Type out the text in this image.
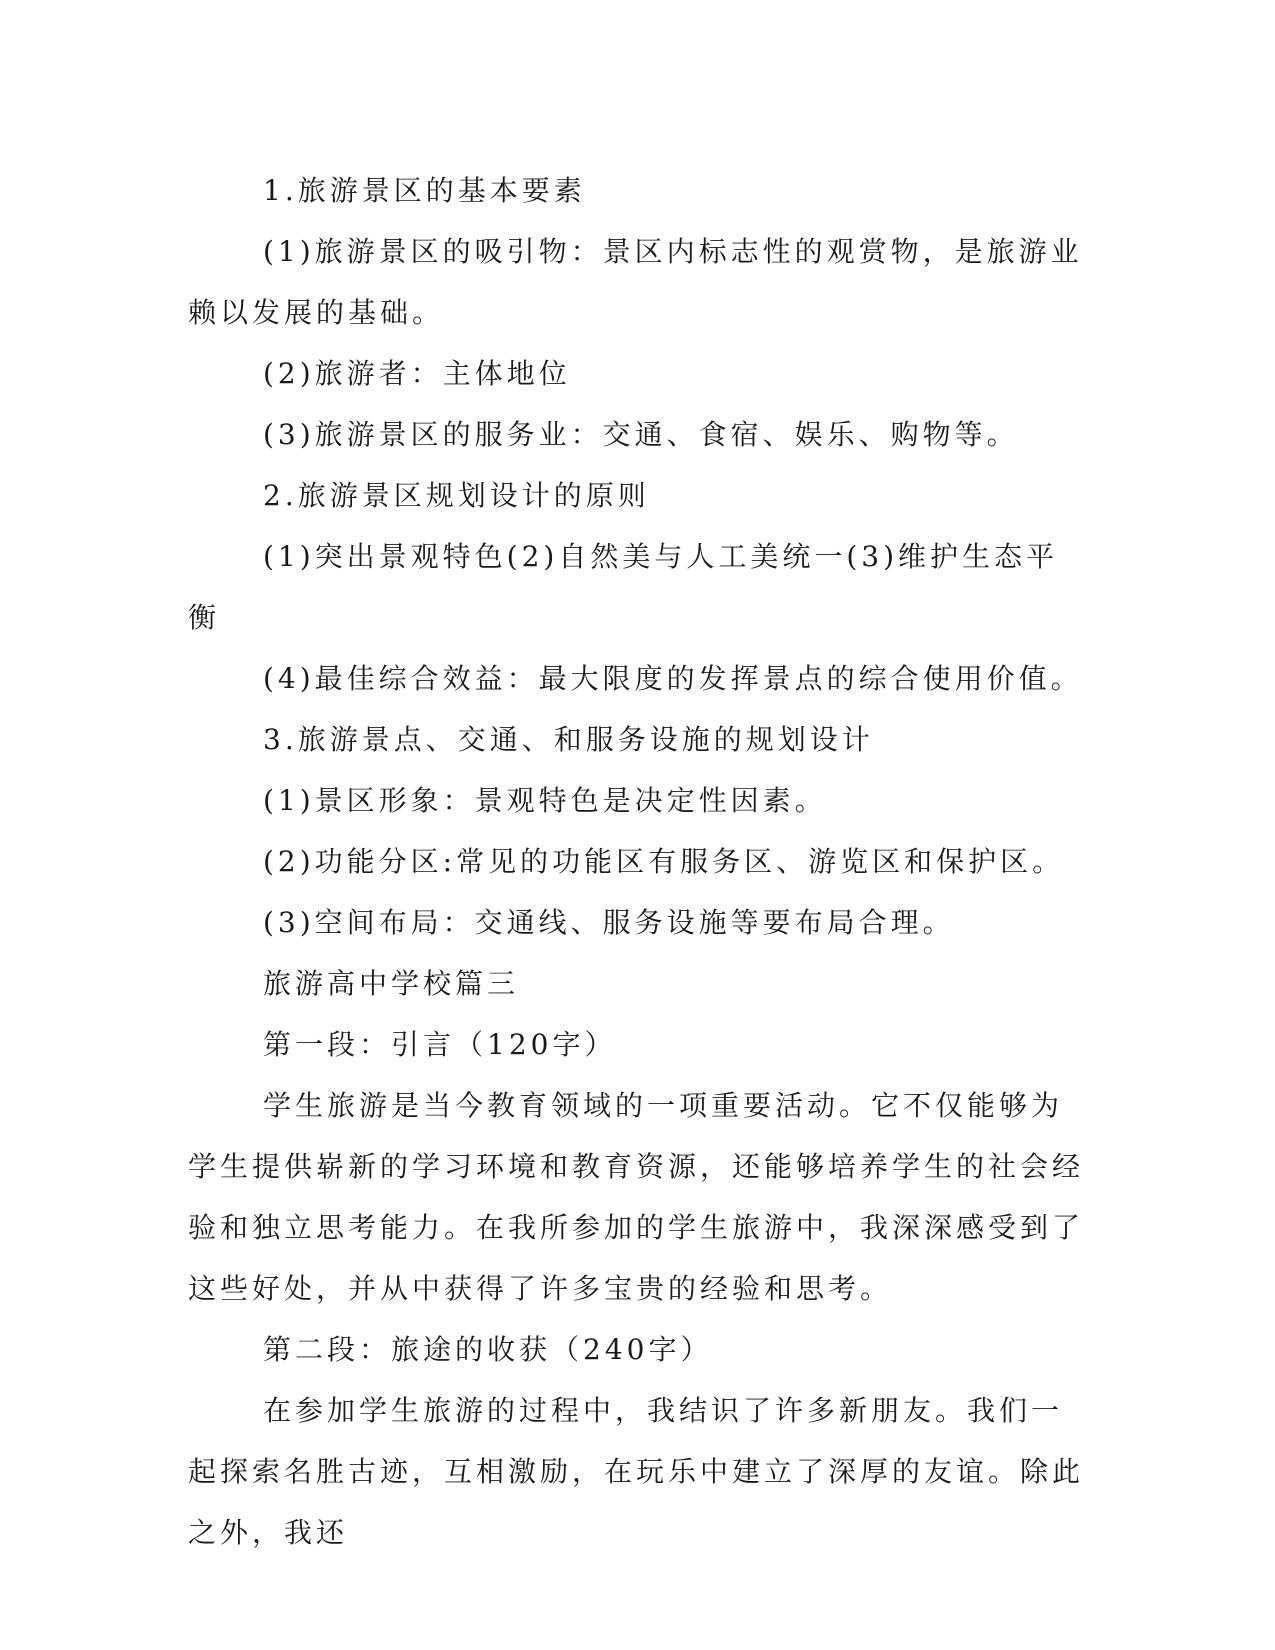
1.旅游景区的基本要素

(1)旅游景区的吸引物：景区内标志性的观赏物，是旅游业赖以发展的基础。

(2)旅游者：主体地位

(3)旅游景区的服务业：交通、食宿、娱乐、购物等。

2.旅游景区规划设计的原则

(1)突出景观特色(2)自然美与人工美统一(3)维护生态平衡

(4)最佳综合效益：最大限度的发挥景点的综合使用价值。

3.旅游景点、交通、和服务设施的规划设计

(1)景区形象：景观特色是决定性因素。

(2)功能分区:常见的功能区有服务区、游览区和保护区。

(3)空间布局：交通线、服务设施等要布局合理。

旅游高中学校篇三

第一段：引言（120字）

学生旅游是当今教育领域的一项重要活动。它不仅能够为学生提供崭新的学习环境和教育资源，还能够培养学生的社会经验和独立思考能力。在我所参加的学生旅游中，我深深感受到了这些好处，并从中获得了许多宝贵的经验和思考。

第二段：旅途的收获（240字）

在参加学生旅游的过程中，我结识了许多新朋友。我们一起探索名胜古迹，互相激励，在玩乐中建立了深厚的友谊。除此之外，我还
